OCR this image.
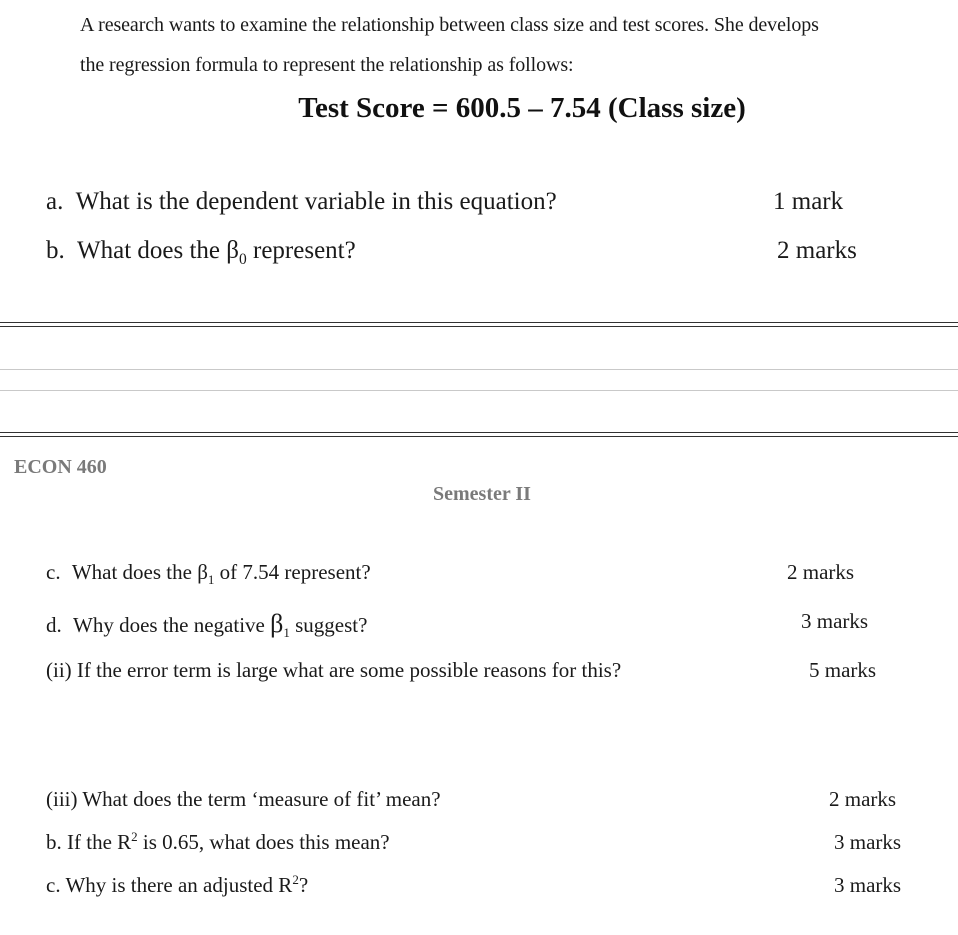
A research wants to examine the relationship between class size and test scores. She develops
the regression formula to represent the relationship as follows:
Test Score = 600.5 – 7.54 (Class size)
a. What is the dependent variable in this equation?	1 mark
b. What does the $\beta_0$ represent?	2 marks
ECON 460
Semester II
c. What does the $\beta_1$ of 7.54 represent?	2 marks
d. Why does the negative $\beta_1$ suggest?	3 marks
(ii) If the error term is large what are some possible reasons for this?	5 marks
(iii) What does the term ‘measure of fit’ mean?	2 marks
b. If the $R^2$ is 0.65, what does this mean?	3 marks
c. Why is there an adjusted $R^2$?	3 marks
